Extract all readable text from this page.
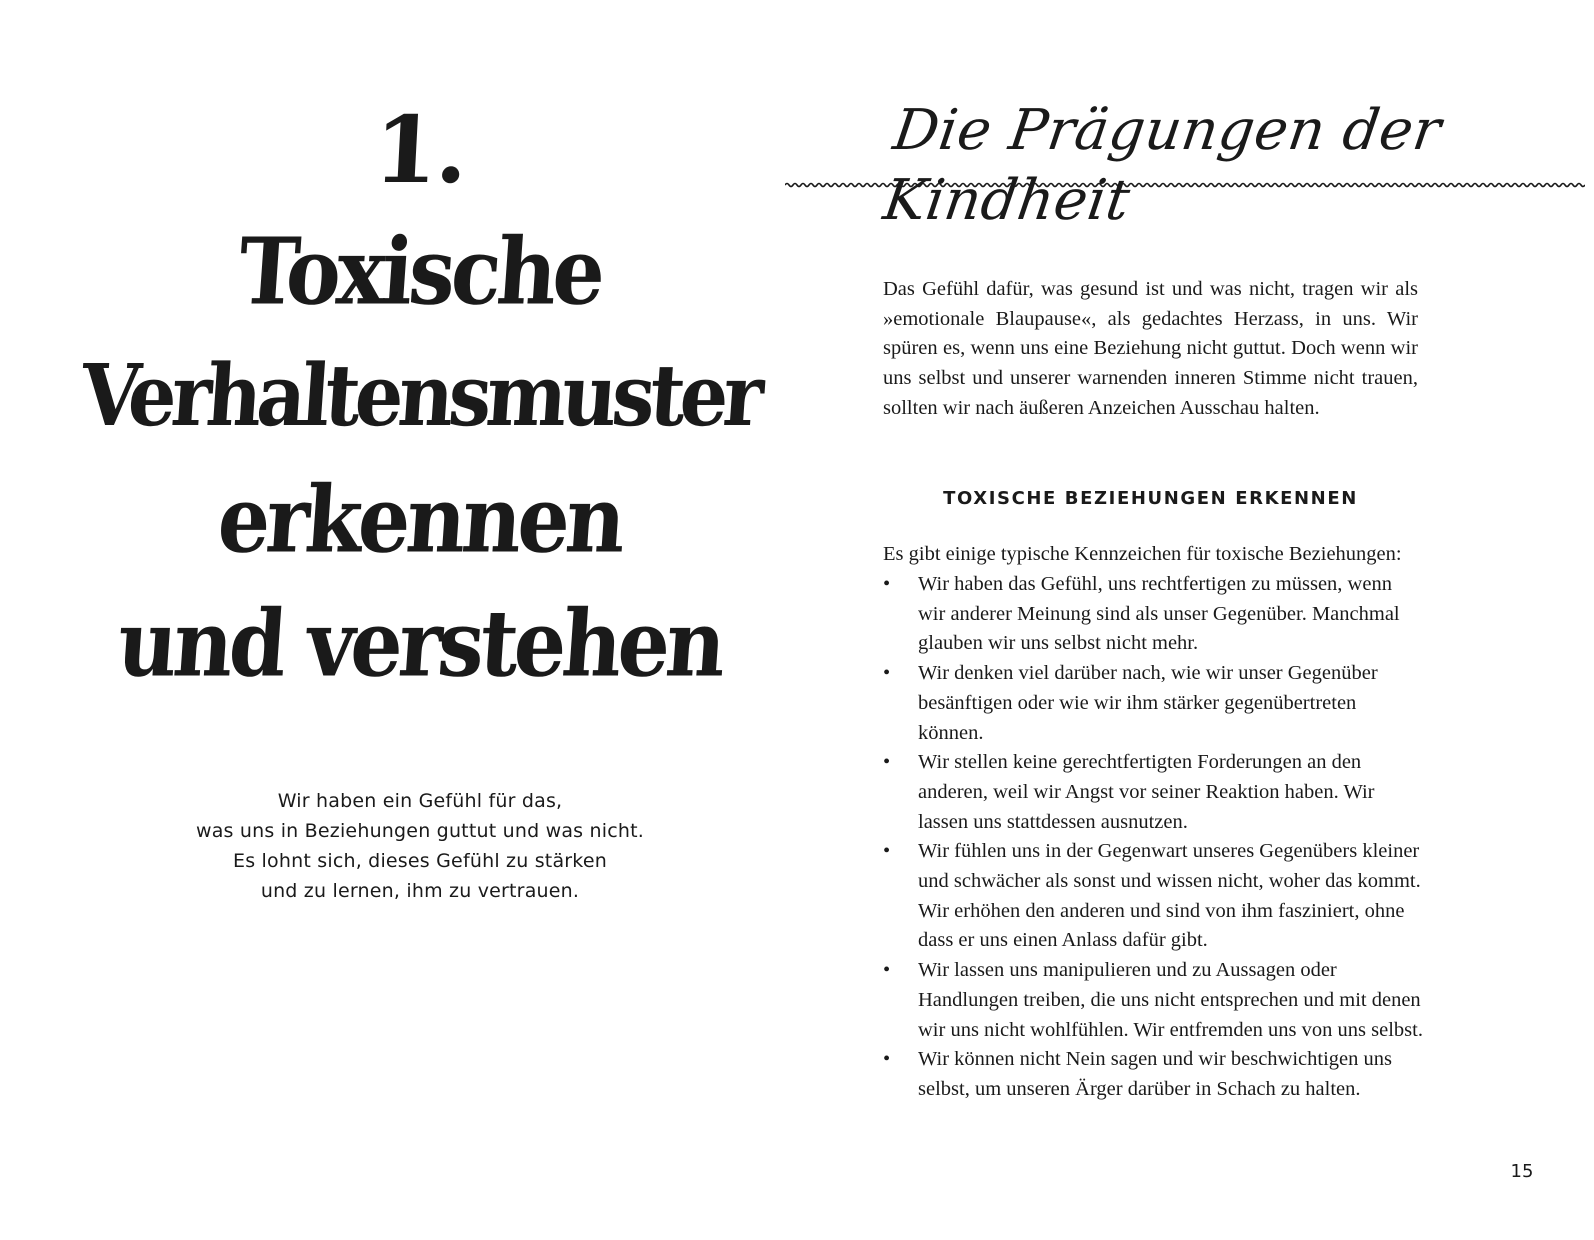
1.
Toxische
Verhaltensmuster
erkennen
und verstehen
Wir haben ein Gefühl für das,
was uns in Beziehungen guttut und was nicht.
Es lohnt sich, dieses Gefühl zu stärken
und zu lernen, ihm zu vertrauen.
Die Prägungen der Kindheit

Das Gefühl dafür, was gesund ist und was nicht, tragen wir als »emotionale Blaupause«, als gedachtes Herzass, in uns. Wir spüren es, wenn uns eine Beziehung nicht guttut. Doch wenn wir uns selbst und unserer warnenden inneren Stimme nicht trauen, sollten wir nach äußeren Anzeichen Ausschau halten.

TOXISCHE BEZIEHUNGEN ERKENNEN
Es gibt einige typische Kennzeichen für toxische Beziehungen:
• Wir haben das Gefühl, uns rechtfertigen zu müssen, wenn wir anderer Meinung sind als unser Gegenüber. Manchmal glauben wir uns selbst nicht mehr.
• Wir denken viel darüber nach, wie wir unser Gegenüber besänftigen oder wie wir ihm stärker gegenübertreten können.
• Wir stellen keine gerechtfertigten Forderungen an den anderen, weil wir Angst vor seiner Reaktion haben. Wir lassen uns stattdessen ausnutzen.
• Wir fühlen uns in der Gegenwart unseres Gegenübers kleiner und schwächer als sonst und wissen nicht, woher das kommt. Wir erhöhen den anderen und sind von ihm fasziniert, ohne dass er uns einen Anlass dafür gibt.
• Wir lassen uns manipulieren und zu Aussagen oder Handlungen treiben, die uns nicht entsprechen und mit denen wir uns nicht wohlfühlen. Wir entfremden uns von uns selbst.
• Wir können nicht Nein sagen und wir beschwichtigen uns selbst, um unseren Ärger darüber in Schach zu halten.
15
